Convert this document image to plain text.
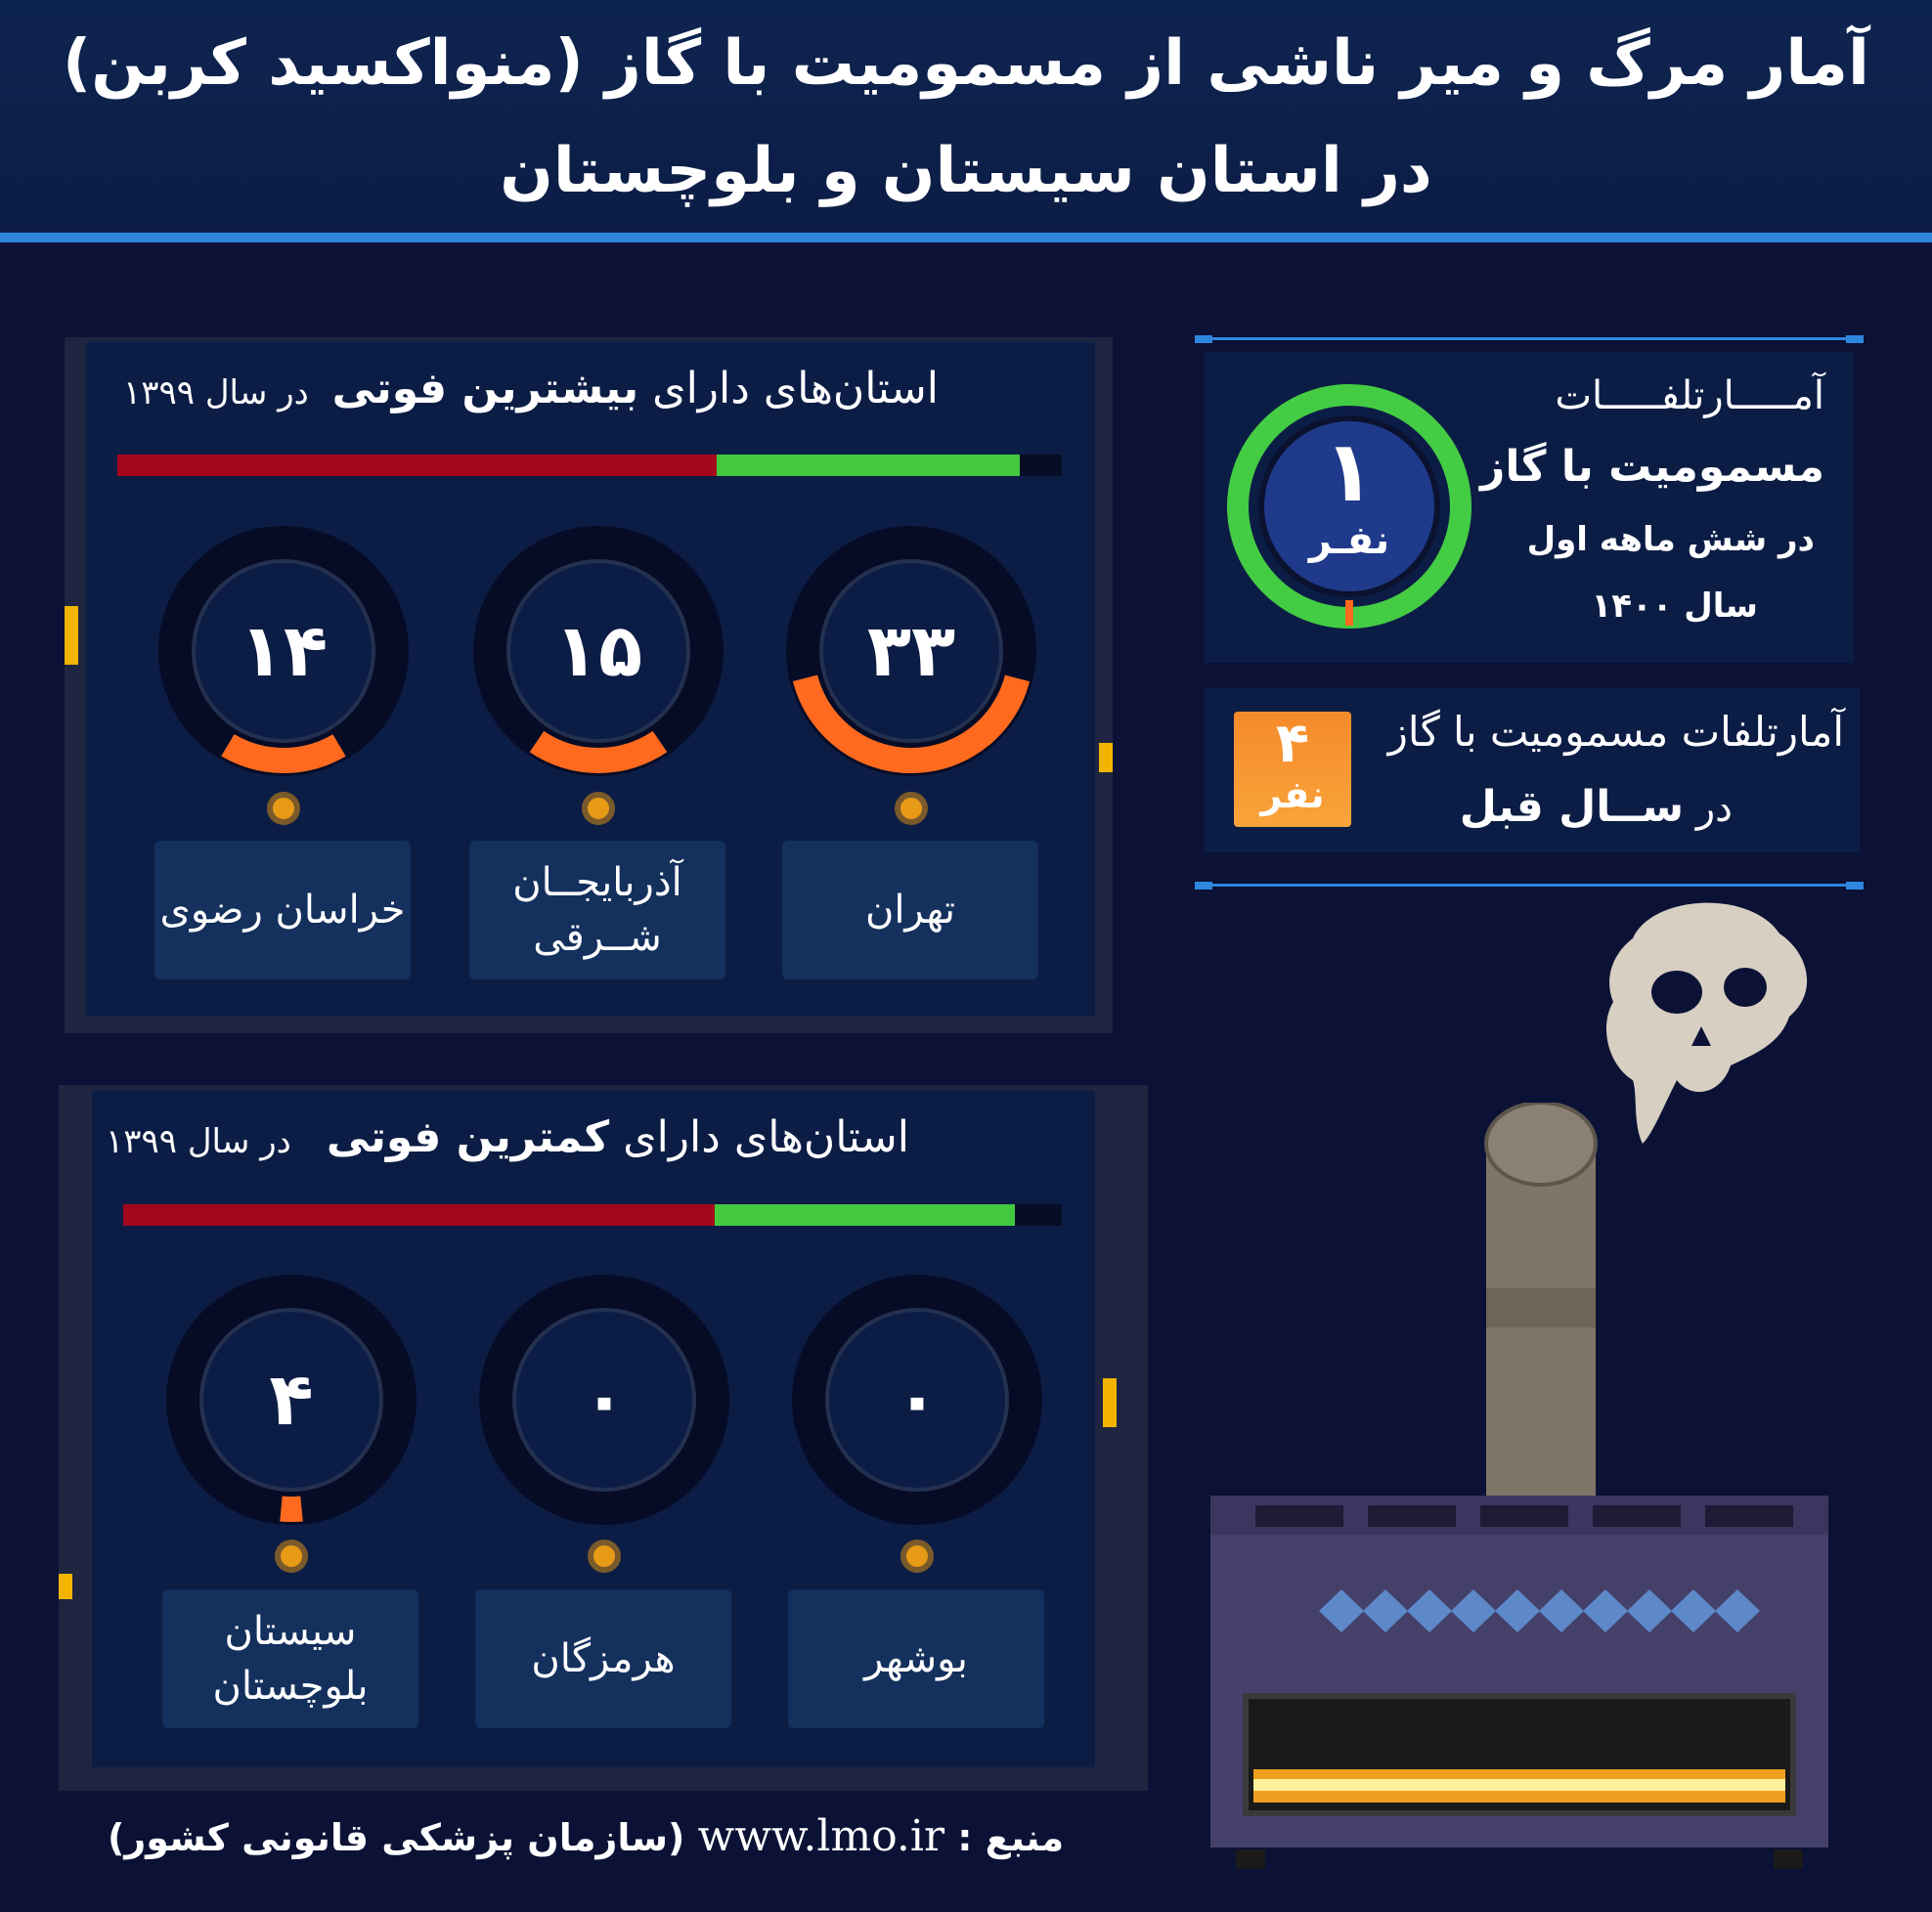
آمار مرگ و میر ناشی از مسمومیت با گاز (منواکسید کربن)
در استان سیستان و بلوچستان
استان‌های دارای بیشترین فوتی
در سال ۱۳۹۹
استان‌های دارای کمترین فوتی
در سال ۱۳۹۹
۳۳
تهران
۱۵
آذربایجــان
شــرقی
۱۴
خراسان رضوی
۰
بوشهر
۰
هرمزگان
۴
سیستان
بلوچستان
۱
نفـر
آمـــــارتلفـــــات
مسمومیت با گاز
در شش ماهه اول
سال ۱۴۰۰
۴
نفر
آمارتلفات مسمومیت با گاز
در ســال قبل
منبع : www.lmo.ir (سازمان پزشکی قانونی کشور)
